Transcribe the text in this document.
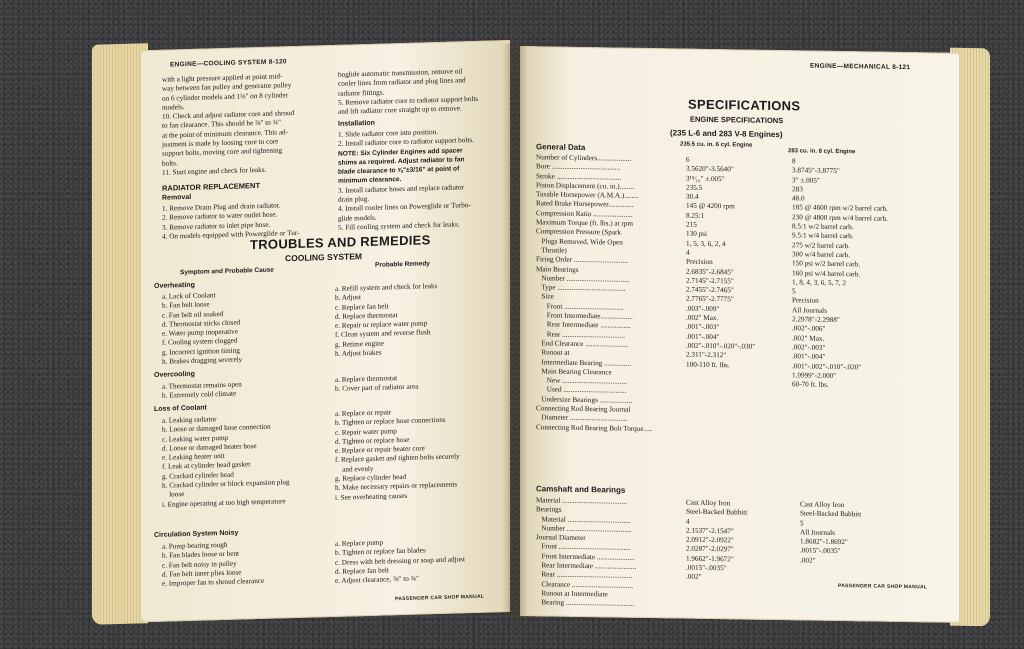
ENGINE—COOLING SYSTEM 8-120
with a light pressure applied at point mid-
way between fan pulley and generator pulley
on 6 cylinder models and 1⅜" on 8 cylinder
models.
10. Check and adjust radiator core and shroud
to fan clearance. This should be ⅝" to ¾"
at the point of minimum clearance. This ad-
justment is made by loosing core to core
support bolts, moving core and tightening
bolts.
11. Start engine and check for leaks.
RADIATOR REPLACEMENT
Removal
1. Remove Drain Plug and drain radiator.
2. Remove radiator to water outlet hose.
3. Remove radiator to inlet pipe hose.
4. On models equipped with Powerglide or Tur-
boglide automatic transmission, remove oil
cooler lines from radiator and plug lines and
radiator fittings.
5. Remove radiator core to radiator support bolts
and lift radiator core straight up to remove.
Installation
1. Slide radiator core into position.
2. Install radiator core to radiator support bolts.
NOTE: Six Cylinder Engines add spacer
shims as required. Adjust radiator to fan
blade clearance to ⅝"±3/16" at point of
minimum clearance.
3. Install radiator hoses and replace radiator
drain plug.
4. Install cooler lines on Powerglide or Turbo-
glide models.
5. Fill cooling system and check for leaks.
TROUBLES AND REMEDIES
COOLING SYSTEM
Symptom and Probable Cause
Probable Remedy
Overheating
a. Lack of Coolant
b. Fan belt loose
c. Fan belt oil soaked
d. Thermostat sticks closed
e. Water pump inoperative
f. Cooling system clogged
g. Incorrect ignition timing
h. Brakes dragging severely
a. Refill system and check for leaks
b. Adjust
c. Replace fan belt
d. Replace thermostat
e. Repair or replace water pump
f. Clean system and reverse flush
g. Retime engine
h. Adjust brakes
Overcooling
a. Thermostat remains open
b. Extremely cold climate
a. Replace thermostat
b. Cover part of radiator area
Loss of Coolant
a. Leaking radiator
b. Loose or damaged hose connection
c. Leaking water pump
d. Loose or damaged heater hose
e. Leaking heater unit
f. Leak at cylinder head gasket
g. Cracked cylinder head
h. Cracked cylinder or block expansion plug
loose
i. Engine operating at too high temperature
a. Replace or repair
b. Tighten or replace hose connections
c. Repair water pump
d. Tighten or replace hose
e. Replace or repair heater core
f. Replace gasket and tighten bolts securely
and evenly
g. Replace cylinder head
h. Make necessary repairs or replacements
i. See overheating causes
Circulation System Noisy
a. Pump bearing rough
b. Fan blades loose or bent
c. Fan belt noisy in pulley
d. Fan belt inner plies loose
e. Improper fan to shroud clearance
a. Replace pump
b. Tighten or replace fan blades
c. Dress with belt dressing or soap and adjust
d. Replace fan belt
e. Adjust clearance, ⅝" to ¾"
PASSENGER CAR SHOP MANUAL
ENGINE—MECHANICAL 8-121
SPECIFICATIONS
ENGINE SPECIFICATIONS
(235 L-6 and 283 V-8 Engines)
235.5 cu. in. 6 cyl. Engine
283 cu. in. 8 cyl. Engine
General Data
Number of Cylinders...................
Bore ......................................
Stroke ....................................
Piston Displacement (cu. in.)........
Taxable Horsepower (A.M.A.)........
Rated Brake Horsepower..............
Compression Ratio ......................
Maximum Torque (ft. lbs.) at rpm
Compression Pressure (Spark
Plugs Removed, Wide Open
Throttle)
Firing Order ..............................
Main Bearings
Number ...................................
Type ......................................
Size
Front .................................
Front Intermediate..................
Rear Intermediate .................
Rear ...................................
End Clearance ........................
Runout at
Intermediate Bearing ...............
Main Bearing Clearance
New ....................................
Used ...................................
Undersize Bearings ..................
Connecting Rod Bearing Journal
Diameter ................................
Connecting Rod Bearing Bolt Torque.....
6
3.5620"-3.5640"
3¹⁵⁄₁₆" ±.005"
235.5
30.4
145 @ 4200 rpm
8.25:1
215
130 psi
1, 5, 3, 6, 2, 4
4
Precision
2.6835"-2.6845"
2.7145"-2.7155"
2.7455"-2.7465"
2.7765"-2.7775"
.003"-.009"
.002" Max.
.001"-.003"
.001"-.004"
.002"-.010"-.020"-.030"
2.311"-2.312"
100-110 ft. lbs.
8
3.8745"-3.8775"
3" ±.005"
283
48.0
185 @ 4600 rpm w/2 barrel carb.
230 @ 4800 rpm w/4 barrel carb.
8.5:1 w/2 barrel carb.
9.5:1 w/4 barrel carb.
275 w/2 barrel carb.
300 w/4 barrel carb.
150 psi w/2 barrel carb.
160 psi w/4 barrel carb.
1, 8, 4, 3, 6, 5, 7, 2
5
Precision
All Journals
2.2978"-2.2988"
.002"-.006"
.002" Max.
.002"-.003"
.001"-.004"
.001"-.002"-.010"-.020"
1.9999"-2.000"
60-70 ft. lbs.
Camshaft and Bearings
Material ....................................
Bearings
Material ...................................
Number ....................................
Journal Diameter
Front ........................................
Front Intermediate .....................
Rear Intermediate .......................
Rear ..........................................
Clearance ..................................
Runout at Intermediate
Bearing ......................................
Cast Alloy Iron
Steel-Backed Babbitt
4
2.1537"-2.1547"
2.0912"-2.0922"
2.0287"-2.0297"
1.9662"-1.9672"
.0015"-.0035"
.002"
Cast Alloy Iron
Steel-Backed Babbitt
5
All Journals
1.8682"-1.8692"
.0015"-.0035"
.002"
PASSENGER CAR SHOP MANUAL
